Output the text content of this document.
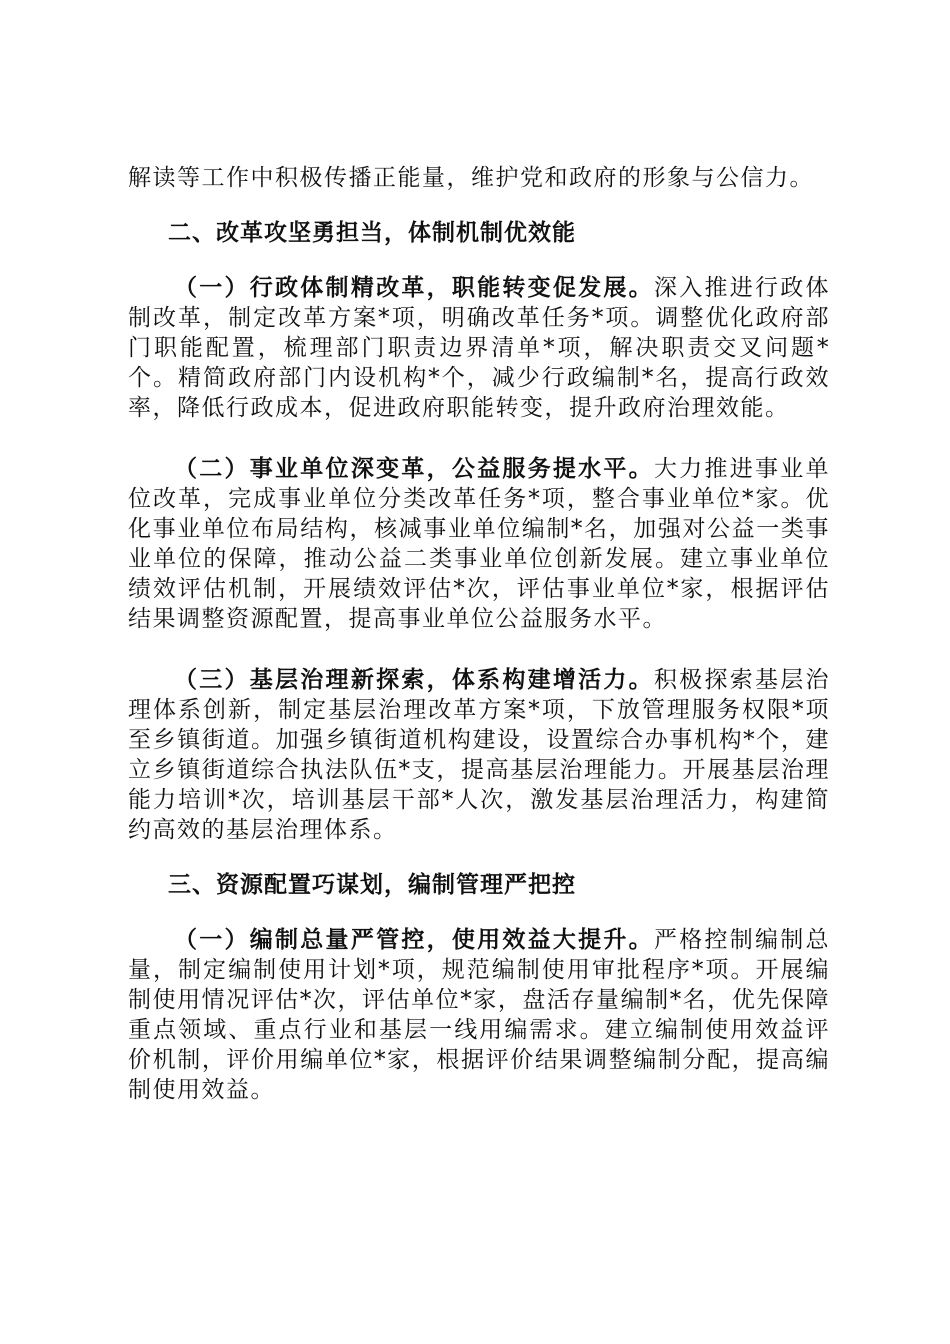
解读等工作中积极传播正能量，维护党和政府的形象与公信力。

二、改革攻坚勇担当，体制机制优效能

（一）行政体制精改革，职能转变促发展。深入推进行政体制改革，制定改革方案*项，明确改革任务*项。调整优化政府部门职能配置，梳理部门职责边界清单*项，解决职责交叉问题*个。精简政府部门内设机构*个，减少行政编制*名，提高行政效率，降低行政成本，促进政府职能转变，提升政府治理效能。

（二）事业单位深变革，公益服务提水平。大力推进事业单位改革，完成事业单位分类改革任务*项，整合事业单位*家。优化事业单位布局结构，核减事业单位编制*名，加强对公益一类事业单位的保障，推动公益二类事业单位创新发展。建立事业单位绩效评估机制，开展绩效评估*次，评估事业单位*家，根据评估结果调整资源配置，提高事业单位公益服务水平。

（三）基层治理新探索，体系构建增活力。积极探索基层治理体系创新，制定基层治理改革方案*项，下放管理服务权限*项至乡镇街道。加强乡镇街道机构建设，设置综合办事机构*个，建立乡镇街道综合执法队伍*支，提高基层治理能力。开展基层治理能力培训*次，培训基层干部*人次，激发基层治理活力，构建简约高效的基层治理体系。

三、资源配置巧谋划，编制管理严把控

（一）编制总量严管控，使用效益大提升。严格控制编制总量，制定编制使用计划*项，规范编制使用审批程序*项。开展编制使用情况评估*次，评估单位*家，盘活存量编制*名，优先保障重点领域、重点行业和基层一线用编需求。建立编制使用效益评价机制，评价用编单位*家，根据评价结果调整编制分配，提高编制使用效益。
